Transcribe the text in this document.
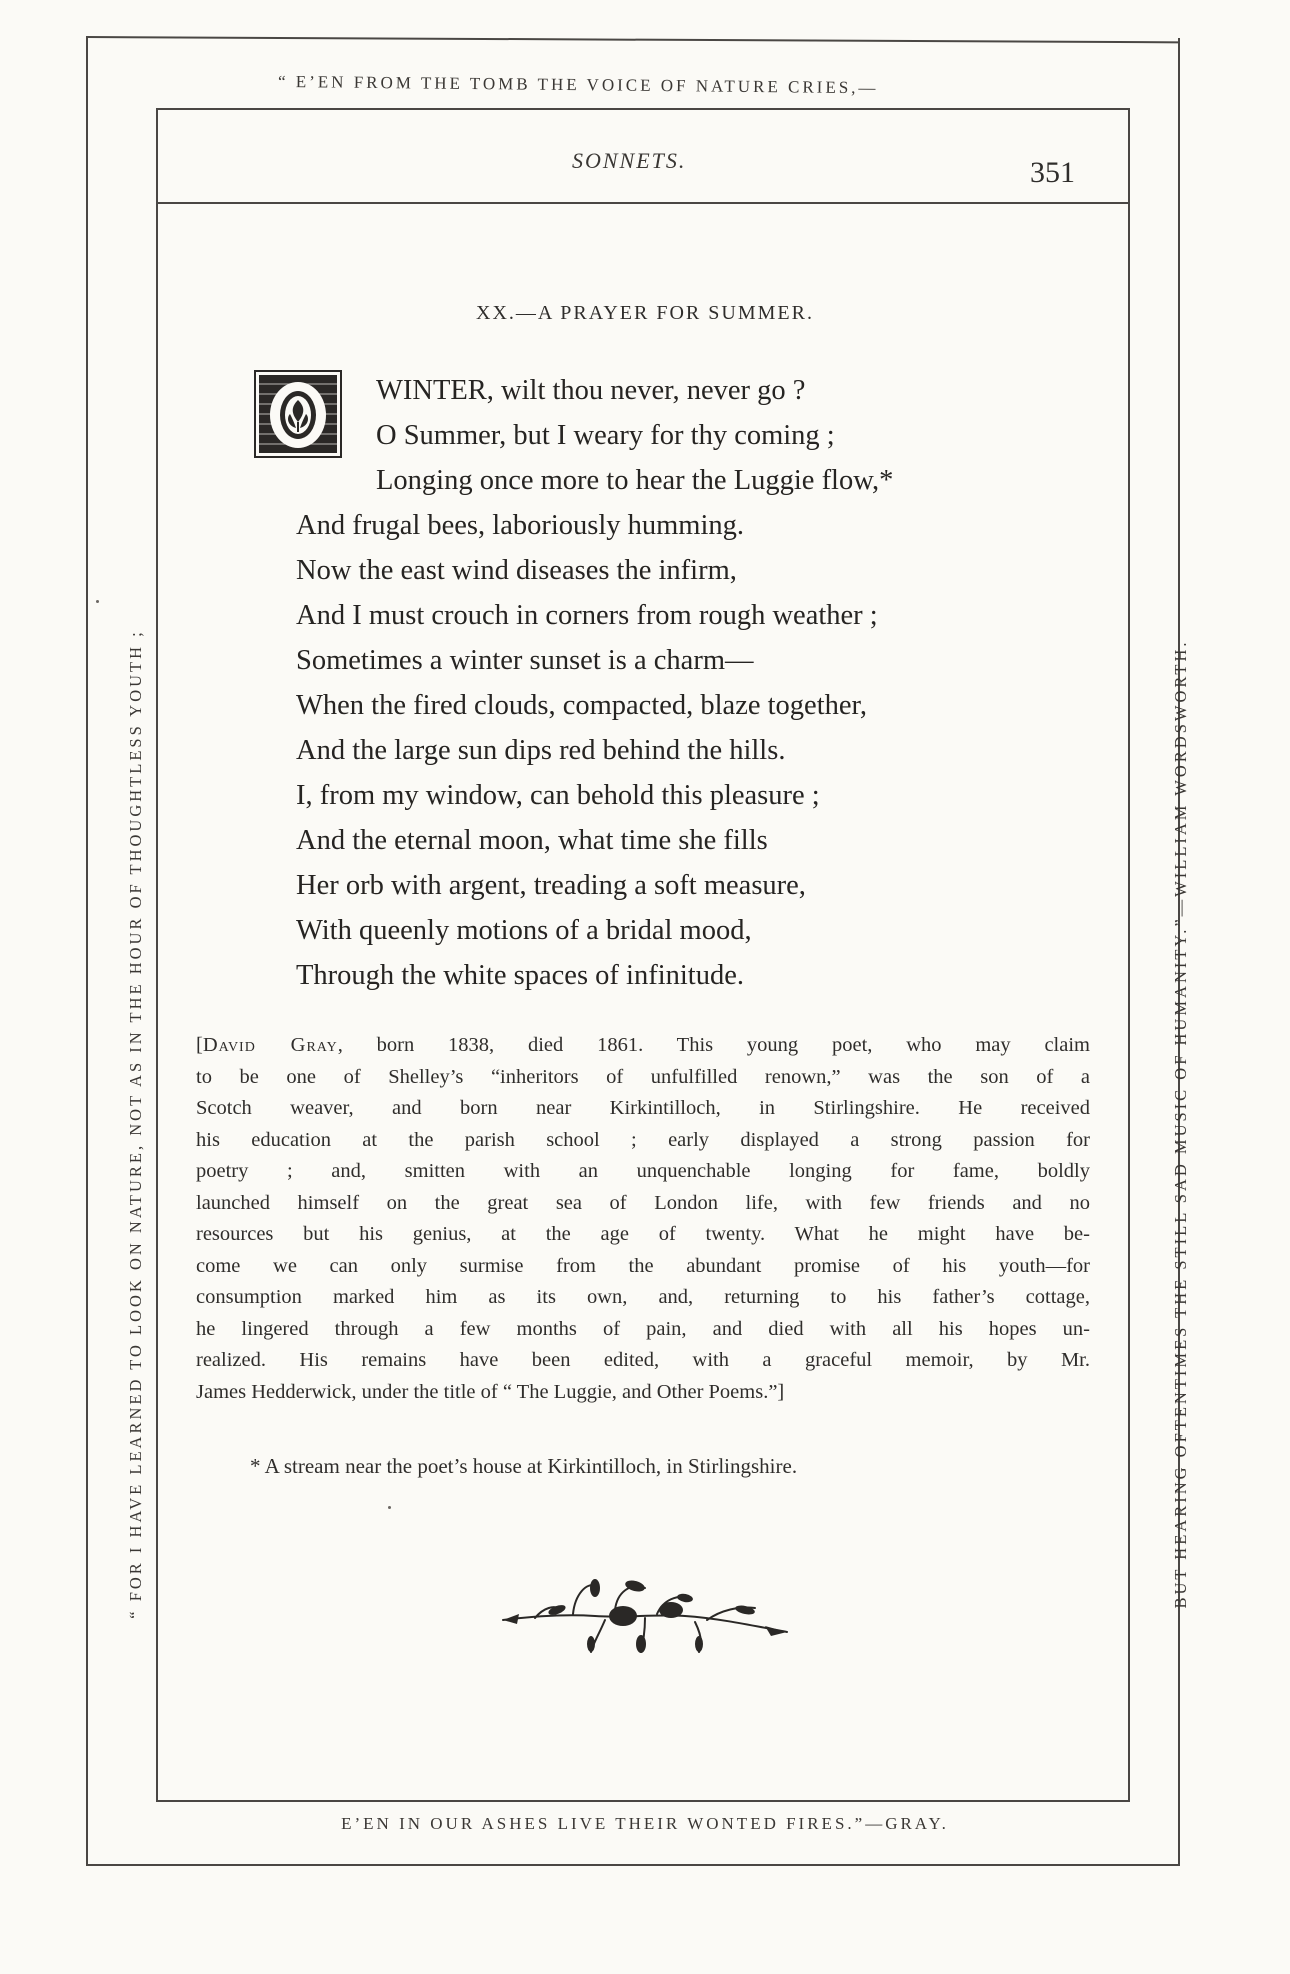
“ E’EN FROM THE TOMB THE VOICE OF NATURE CRIES,—
E’EN IN OUR ASHES LIVE THEIR WONTED FIRES.”—GRAY.
“ FOR I HAVE LEARNED TO LOOK ON NATURE, NOT AS IN THE HOUR OF THOUGHTLESS YOUTH ;	BUT HEARING OFTENTIMES THE STILL SAD MUSIC OF HUMANITY.”—WILLIAM WORDSWORTH.
SONNETS.	351
XX.—A PRAYER FOR SUMMER.
O
WINTER, wilt thou never, never go ?
O Summer, but I weary for thy coming ;
Longing once more to hear the Luggie flow,*
And frugal bees, laboriously humming.
Now the east wind diseases the infirm,
And I must crouch in corners from rough weather ;
Sometimes a winter sunset is a charm—
When the fired clouds, compacted, blaze together,
And the large sun dips red behind the hills.
I, from my window, can behold this pleasure ;
And the eternal moon, what time she fills
Her orb with argent, treading a soft measure,
With queenly motions of a bridal mood,
Through the white spaces of infinitude.
[David Gray, born 1838, died 1861. This young poet, who may claim
to be one of Shelley’s “inheritors of unfulfilled renown,” was the son of a
Scotch weaver, and born near Kirkintilloch, in Stirlingshire. He received
his education at the parish school ; early displayed a strong passion for
poetry ; and, smitten with an unquenchable longing for fame, boldly
launched himself on the great sea of London life, with few friends and no
resources but his genius, at the age of twenty. What he might have be-
come we can only surmise from the abundant promise of his youth—for
consumption marked him as its own, and, returning to his father’s cottage,
he lingered through a few months of pain, and died with all his hopes un-
realized. His remains have been edited, with a graceful memoir, by Mr.
James Hedderwick, under the title of “ The Luggie, and Other Poems.”]
* A stream near the poet’s house at Kirkintilloch, in Stirlingshire.
